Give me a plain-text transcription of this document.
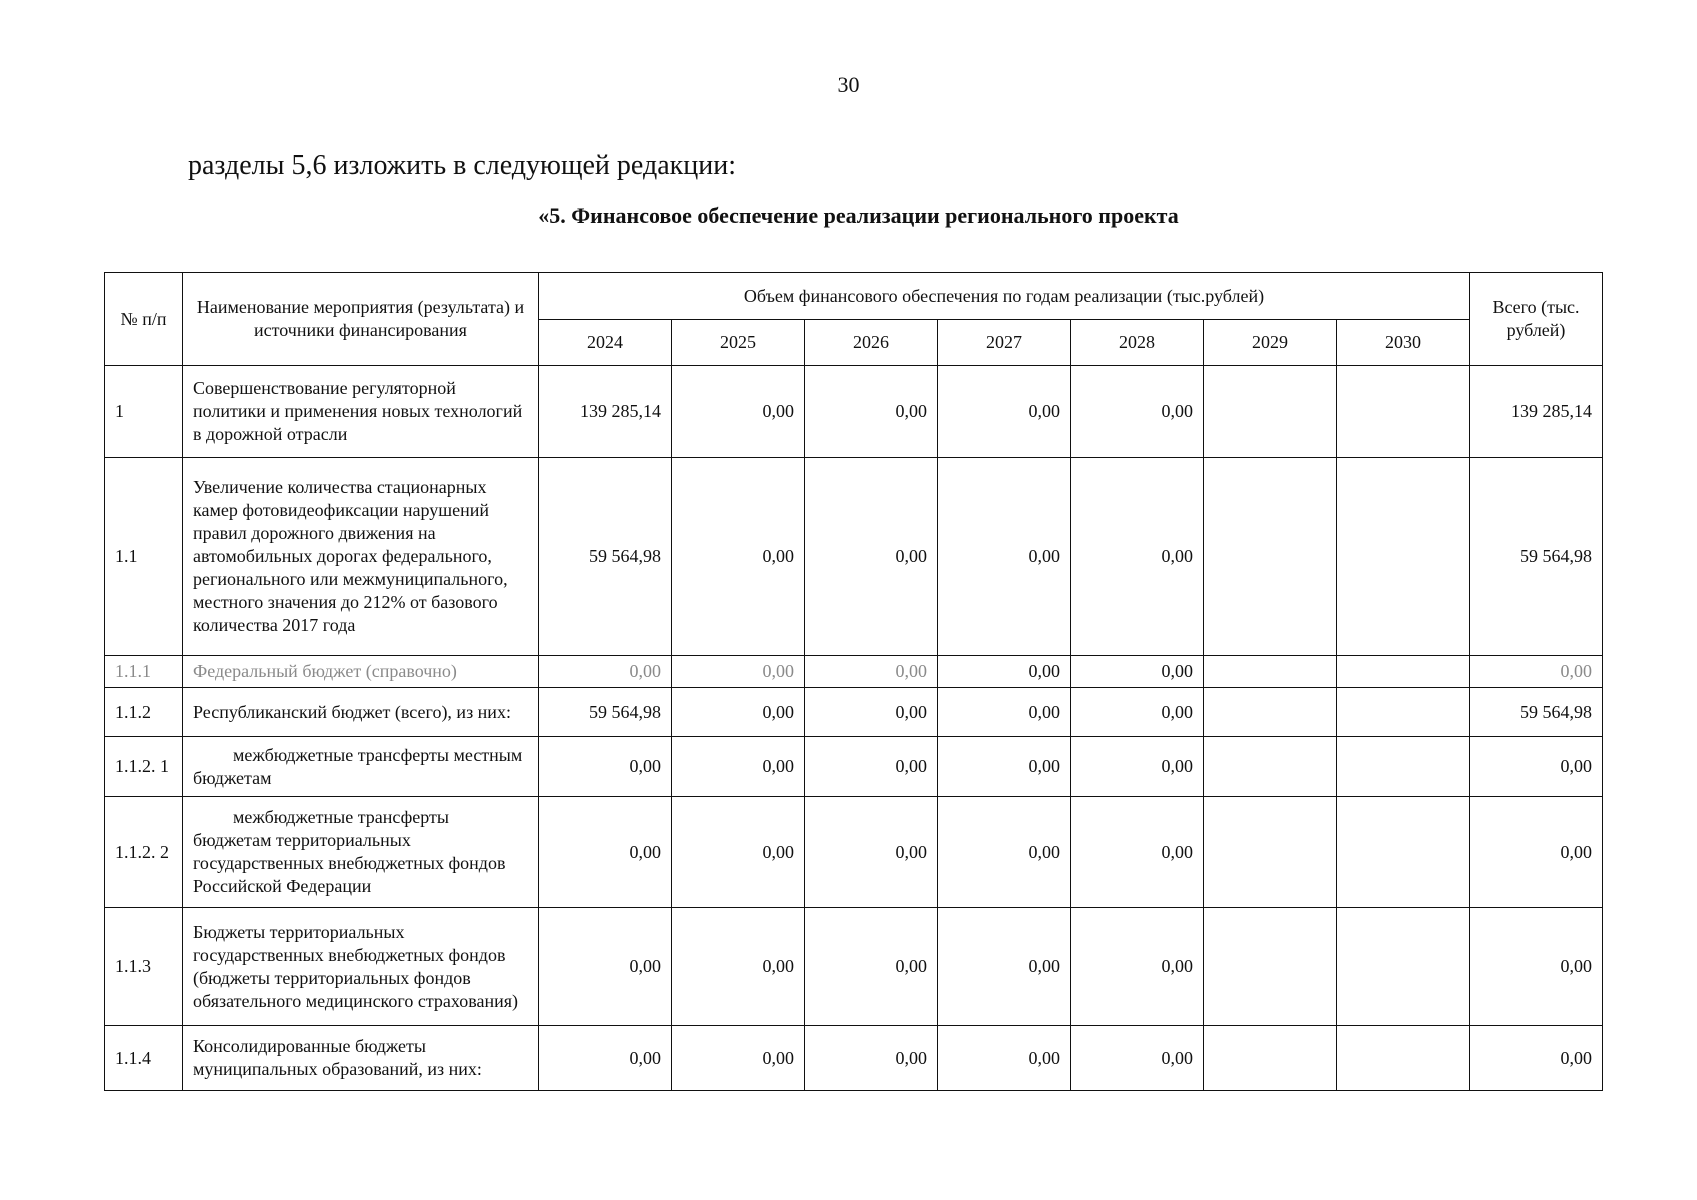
30
разделы 5,6 изложить в следующей редакции:
«5. Финансовое обеспечение реализации регионального проекта
№ п/п	Наименование мероприятия (результата) и источники финансирования	Объем финансового обеспечения по годам реализации (тыс.рублей)							Всего (тыс. рублей)
		2024	2025	2026	2027	2028	2029	2030	
1	Совершенствование регуляторной политики и применения новых технологий в дорожной отрасли	139 285,14	0,00	0,00	0,00	0,00			139 285,14
1.1	Увеличение количества стационарных камер фотовидеофиксации нарушений правил дорожного движения на автомобильных дорогах федерального, регионального или межмуниципального, местного значения до 212% от базового количества 2017 года	59 564,98	0,00	0,00	0,00	0,00			59 564,98
1.1.1	Федеральный бюджет (справочно)	0,00	0,00	0,00	0,00	0,00			0,00
1.1.2	Республиканский бюджет (всего), из них:	59 564,98	0,00	0,00	0,00	0,00			59 564,98
1.1.2. 1	межбюджетные трансферты местным бюджетам	0,00	0,00	0,00	0,00	0,00			0,00
1.1.2. 2	межбюджетные трансферты бюджетам территориальных государственных внебюджетных фондов Российской Федерации	0,00	0,00	0,00	0,00	0,00			0,00
1.1.3	Бюджеты территориальных государственных внебюджетных фондов (бюджеты территориальных фондов обязательного медицинского страхования)	0,00	0,00	0,00	0,00	0,00			0,00
1.1.4	Консолидированные бюджеты муниципальных образований, из них:	0,00	0,00	0,00	0,00	0,00			0,00
